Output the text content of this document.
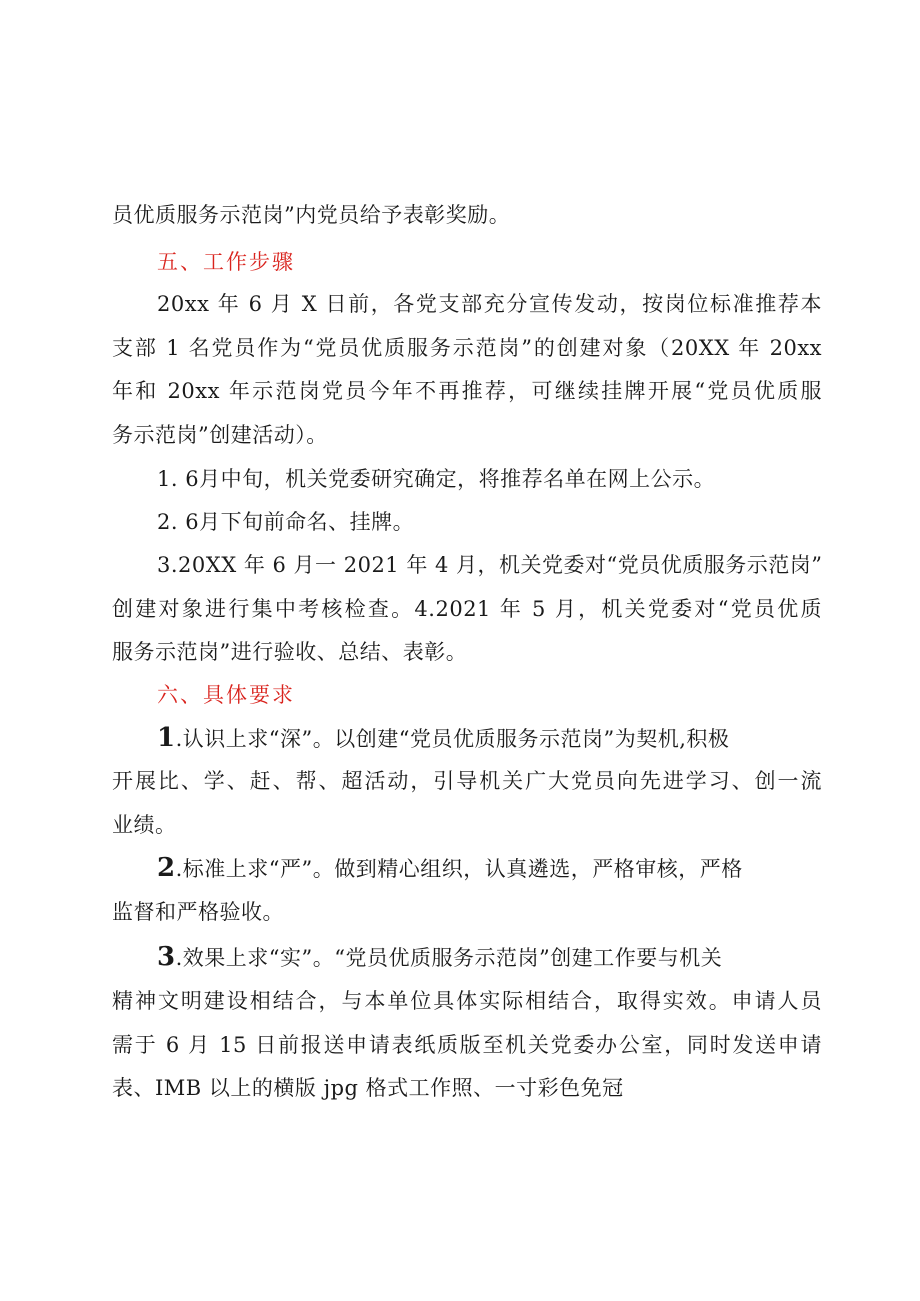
员优质服务示范岗”内党员给予表彰奖励。
五、工作步骤
20xx 年 6 月 X 日前，各党支部充分宣传发动，按岗位标准推荐本
支部 1 名党员作为“党员优质服务示范岗”的创建对象（20XX 年 20xx
年和 20xx 年示范岗党员今年不再推荐，可继续挂牌开展“党员优质服
务示范岗”创建活动）。
1. 6月中旬，机关党委研究确定，将推荐名单在网上公示。
2. 6月下旬前命名、挂牌。
3.20XX 年 6 月一 2021 年 4 月，机关党委对“党员优质服务示范岗”
创建对象进行集中考核检查。4.2021 年 5 月，机关党委对“党员优质
服务示范岗”进行验收、总结、表彰。
六、具体要求
1.认识上求“深”。以创建“党员优质服务示范岗”为契机,积极
开展比、学、赶、帮、超活动，引导机关广大党员向先进学习、创一流
业绩。
2.标准上求“严”。做到精心组织，认真遴选，严格审核，严格
监督和严格验收。
3.效果上求“实”。“党员优质服务示范岗”创建工作要与机关
精神文明建设相结合，与本单位具体实际相结合，取得实效。申请人员
需于 6 月 15 日前报送申请表纸质版至机关党委办公室，同时发送申请
表、IMB 以上的横版 jpg 格式工作照、一寸彩色免冠
